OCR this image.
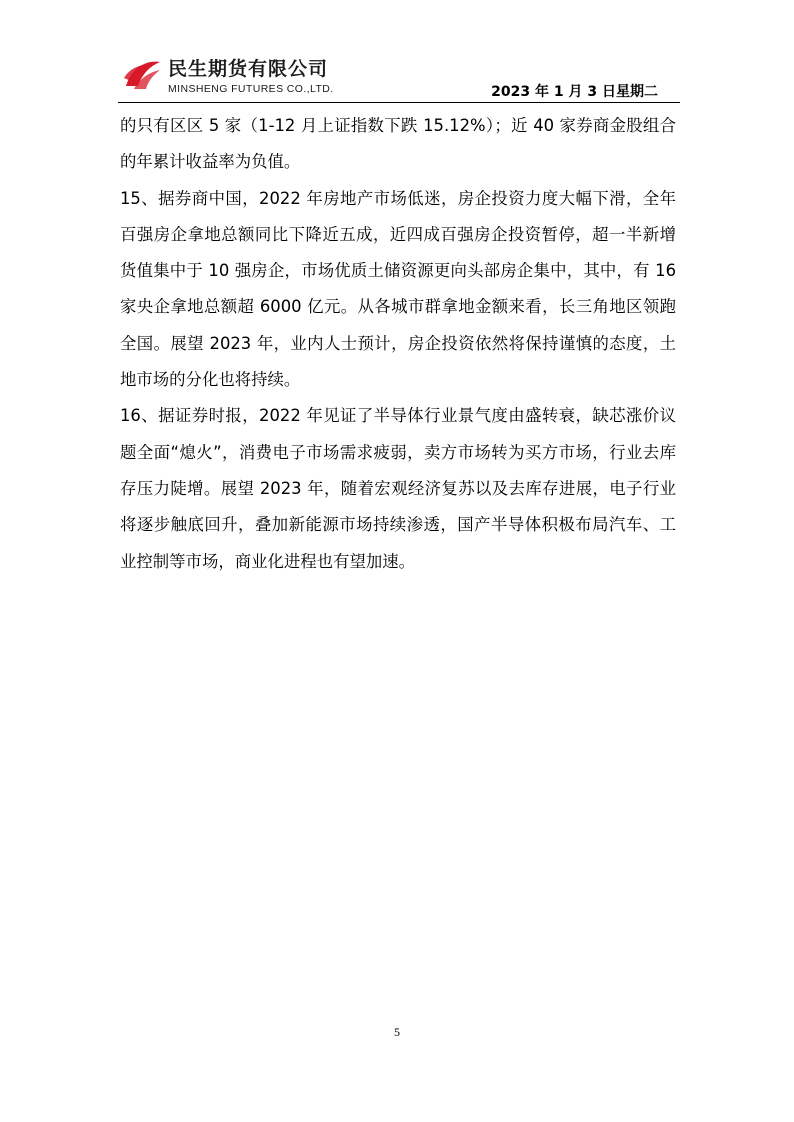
民生期货有限公司
MINSHENG FUTURES CO.,LTD.	2023 年 1 月 3 日星期二

的只有区区 5 家（1-12 月上证指数下跌 15.12%）；近 40 家券商金股组合的年累计收益率为负值。

15、据券商中国，2022 年房地产市场低迷，房企投资力度大幅下滑，全年百强房企拿地总额同比下降近五成，近四成百强房企投资暂停，超一半新增货值集中于 10 强房企，市场优质土储资源更向头部房企集中，其中，有 16 家央企拿地总额超 6000 亿元。从各城市群拿地金额来看，长三角地区领跑全国。展望 2023 年，业内人士预计，房企投资依然将保持谨慎的态度，土地市场的分化也将持续。

16、据证券时报，2022 年见证了半导体行业景气度由盛转衰，缺芯涨价议题全面“熄火”，消费电子市场需求疲弱，卖方市场转为买方市场，行业去库存压力陡增。展望 2023 年，随着宏观经济复苏以及去库存进展，电子行业将逐步触底回升，叠加新能源市场持续渗透，国产半导体积极布局汽车、工业控制等市场，商业化进程也有望加速。

5
